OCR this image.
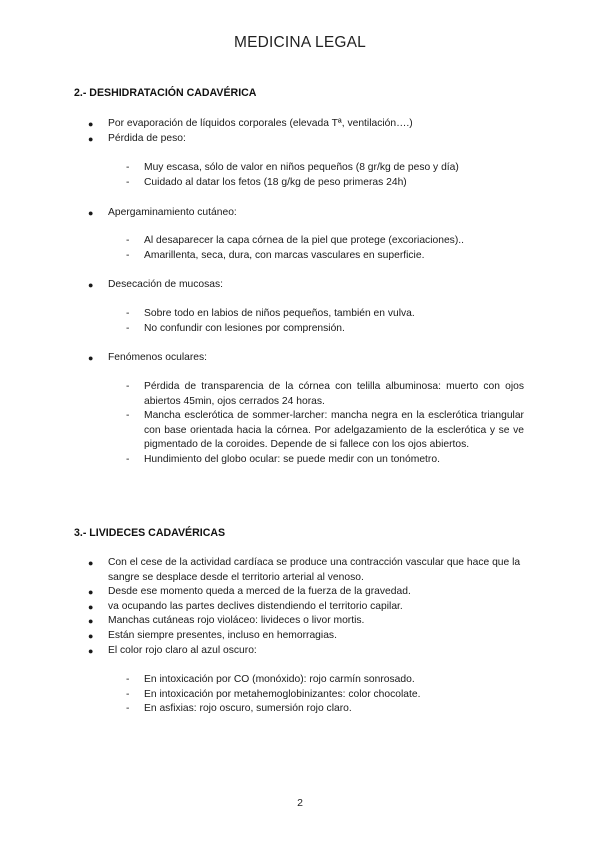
MEDICINA LEGAL
2.- DESHIDRATACIÓN CADAVÉRICA
●	Por evaporación de líquidos corporales (elevada Tª, ventilación….)
●	Pérdida de peso:
-	Muy escasa, sólo de valor en niños pequeños (8 gr/kg de peso y día)
-	Cuidado al datar los fetos (18 g/kg de peso primeras 24h)
●	Apergaminamiento cutáneo:
-	Al desaparecer la capa córnea de la piel que protege (excoriaciones)..
-	Amarillenta, seca, dura, con marcas vasculares en superficie.
●	Desecación de mucosas:
-	Sobre todo en labios de niños pequeños, también en vulva.
-	No confundir con lesiones por comprensión.
●	Fenómenos oculares:
-	Pérdida de transparencia de la córnea con telilla albuminosa: muerto con ojos abiertos 45min, ojos cerrados 24 horas.
-	Mancha esclerótica de sommer-larcher: mancha negra en la esclerótica triangular con base orientada hacia la córnea. Por adelgazamiento de la esclerótica y se ve pigmentado de la coroides. Depende de si fallece con los ojos abiertos.
-	Hundimiento del globo ocular: se puede medir con un tonómetro.
3.- LIVIDECES CADAVÉRICAS
●	Con el cese de la actividad cardíaca se produce una contracción vascular que hace que la sangre se desplace desde el territorio arterial al venoso.
●	Desde ese momento queda a merced de la fuerza de la gravedad.
●	va ocupando las partes declives distendiendo el territorio capilar.
●	Manchas cutáneas rojo violáceo: livideces o livor mortis.
●	Están siempre presentes, incluso en hemorragias.
●	El color rojo claro al azul oscuro:
-	En intoxicación por CO (monóxido): rojo carmín sonrosado.
-	En intoxicación por metahemoglobinizantes: color chocolate.
-	En asfixias: rojo oscuro, sumersión rojo claro.
2
